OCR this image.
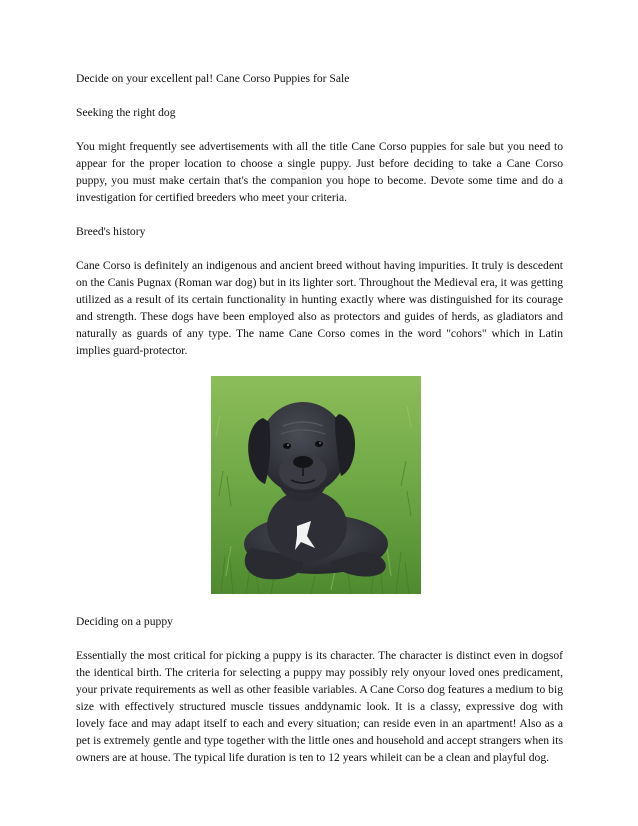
Decide on your excellent pal! Cane Corso Puppies for Sale

Seeking the right dog

You might frequently see advertisements with all the title Cane Corso puppies for sale but you need to appear for the proper location to choose a single puppy. Just before deciding to take a Cane Corso puppy, you must make certain that's the companion you hope to become. Devote some time and do a investigation for certified breeders who meet your criteria.

Breed's history

Cane Corso is definitely an indigenous and ancient breed without having impurities. It truly is descedent on the Canis Pugnax (Roman war dog) but in its lighter sort. Throughout the Medieval era, it was getting utilized as a result of its certain functionality in hunting exactly where was distinguished for its courage and strength. These dogs have been employed also as protectors and guides of herds, as gladiators and naturally as guards of any type. The name Cane Corso comes in the word "cohors" which in Latin implies guard-protector.

Deciding on a puppy

Essentially the most critical for picking a puppy is its character. The character is distinct even in dogsof the identical birth. The criteria for selecting a puppy may possibly rely onyour loved ones predicament, your private requirements as well as other feasible variables. A Cane Corso dog features a medium to big size with effectively structured muscle tissues anddynamic look. It is a classy, expressive dog with lovely face and may adapt itself to each and every situation; can reside even in an apartment! Also as a pet is extremely gentle and type together with the little ones and household and accept strangers when its owners are at house. The typical life duration is ten to 12 years whileit can be a clean and playful dog.
